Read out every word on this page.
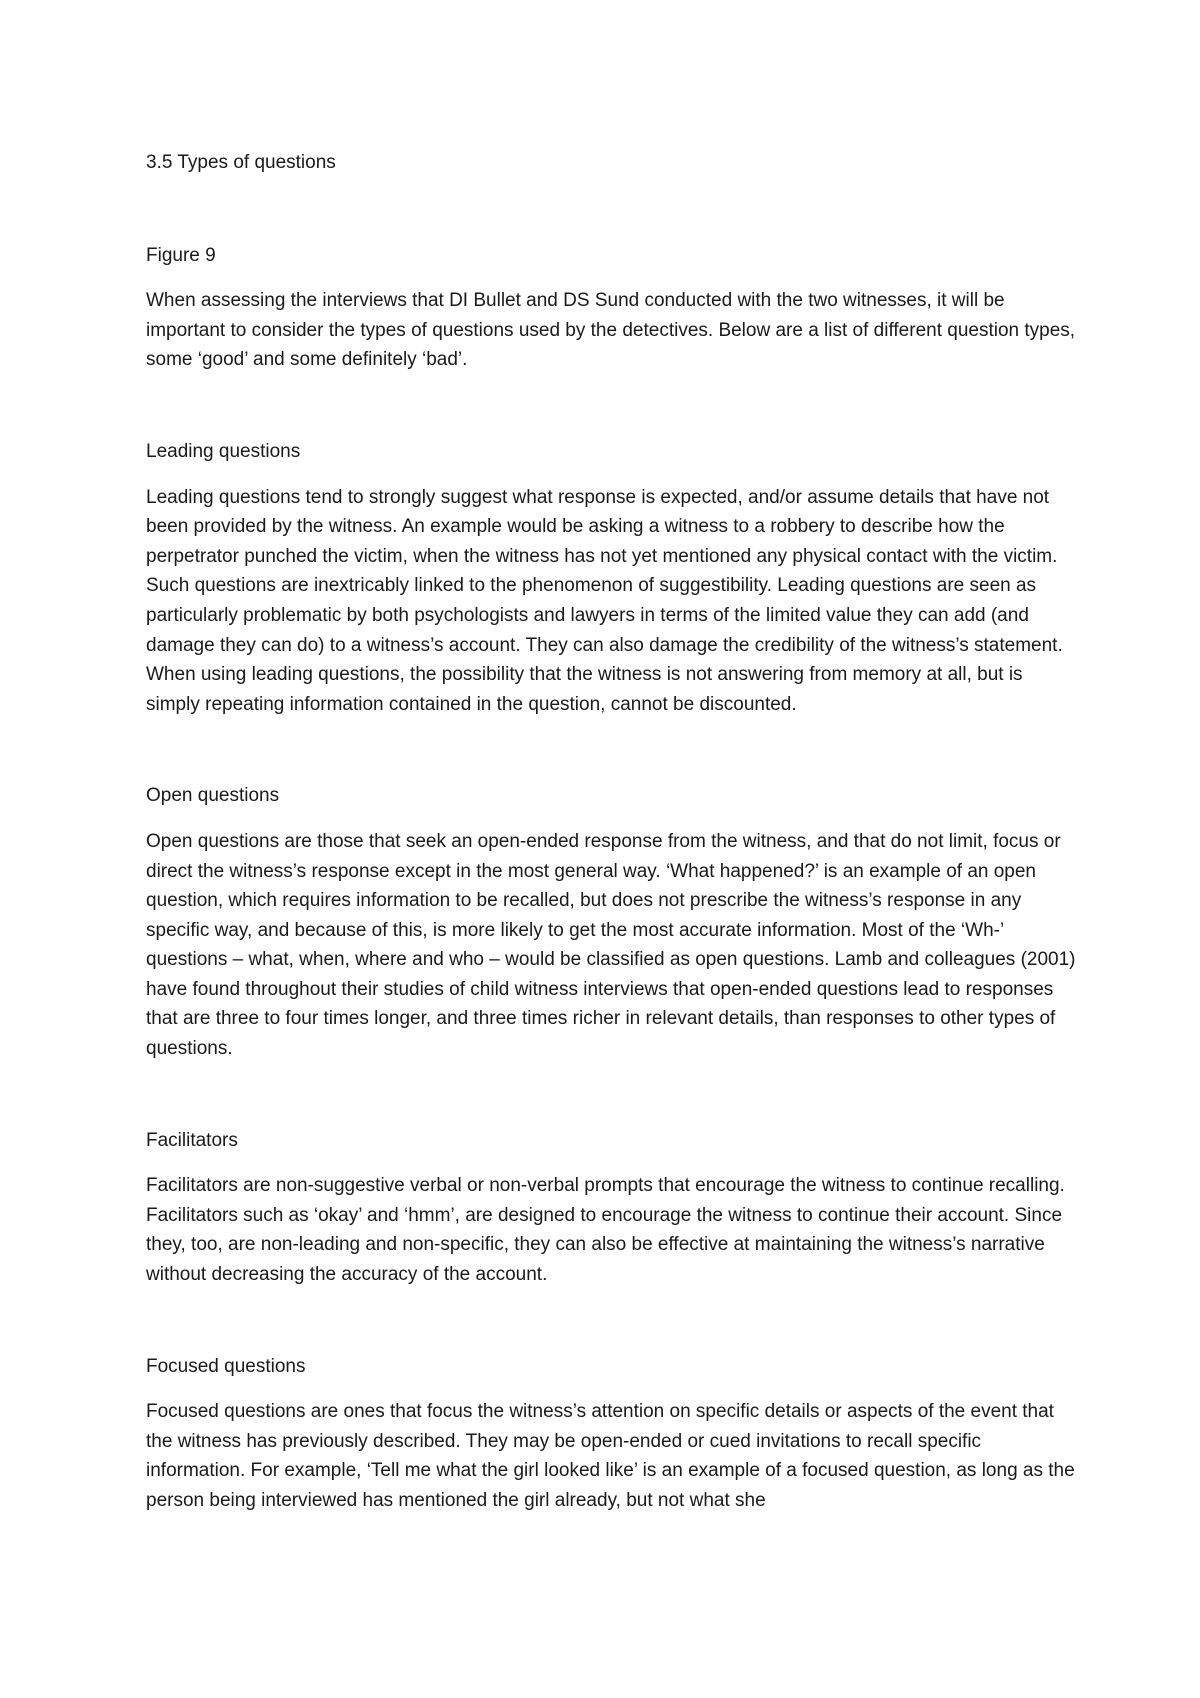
3.5 Types of questions

Figure 9

When assessing the interviews that DI Bullet and DS Sund conducted with the two witnesses, it will be important to consider the types of questions used by the detectives. Below are a list of different question types, some ‘good’ and some definitely ‘bad’.

Leading questions

Leading questions tend to strongly suggest what response is expected, and/or assume details that have not been provided by the witness. An example would be asking a witness to a robbery to describe how the perpetrator punched the victim, when the witness has not yet mentioned any physical contact with the victim. Such questions are inextricably linked to the phenomenon of suggestibility. Leading questions are seen as particularly problematic by both psychologists and lawyers in terms of the limited value they can add (and damage they can do) to a witness’s account. They can also damage the credibility of the witness’s statement. When using leading questions, the possibility that the witness is not answering from memory at all, but is simply repeating information contained in the question, cannot be discounted.

Open questions

Open questions are those that seek an open-ended response from the witness, and that do not limit, focus or direct the witness’s response except in the most general way. ‘What happened?’ is an example of an open question, which requires information to be recalled, but does not prescribe the witness’s response in any specific way, and because of this, is more likely to get the most accurate information. Most of the ‘Wh-’ questions – what, when, where and who – would be classified as open questions. Lamb and colleagues (2001) have found throughout their studies of child witness interviews that open-ended questions lead to responses that are three to four times longer, and three times richer in relevant details, than responses to other types of questions.

Facilitators

Facilitators are non-suggestive verbal or non-verbal prompts that encourage the witness to continue recalling. Facilitators such as ‘okay’ and ‘hmm’, are designed to encourage the witness to continue their account. Since they, too, are non-leading and non-specific, they can also be effective at maintaining the witness’s narrative without decreasing the accuracy of the account.

Focused questions

Focused questions are ones that focus the witness’s attention on specific details or aspects of the event that the witness has previously described. They may be open-ended or cued invitations to recall specific information. For example, ‘Tell me what the girl looked like’ is an example of a focused question, as long as the person being interviewed has mentioned the girl already, but not what she
